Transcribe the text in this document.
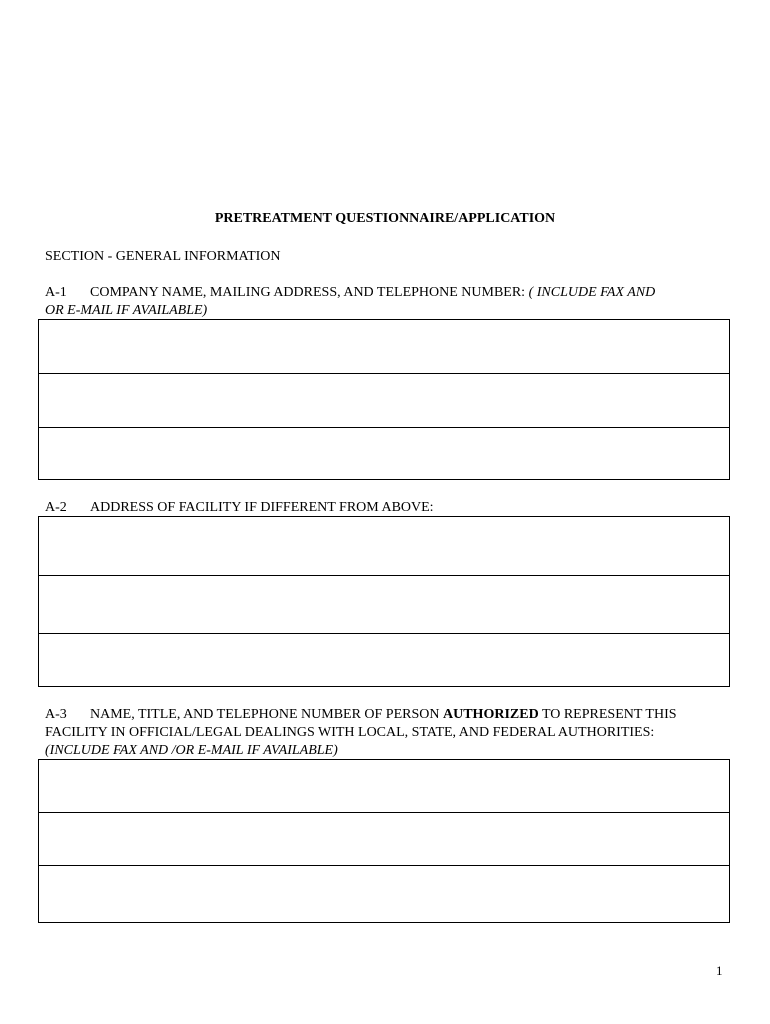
PRETREATMENT QUESTIONNAIRE/APPLICATION
SECTION - GENERAL INFORMATION
A-1 COMPANY NAME, MAILING ADDRESS, AND TELEPHONE NUMBER: ( INCLUDE FAX AND
OR E-MAIL IF AVAILABLE)
A-2 ADDRESS OF FACILITY IF DIFFERENT FROM ABOVE:
A-3 NAME, TITLE, AND TELEPHONE NUMBER OF PERSON AUTHORIZED TO REPRESENT THIS
FACILITY IN OFFICIAL/LEGAL DEALINGS WITH LOCAL, STATE, AND FEDERAL AUTHORITIES:
(INCLUDE FAX AND /OR E-MAIL IF AVAILABLE)
1
